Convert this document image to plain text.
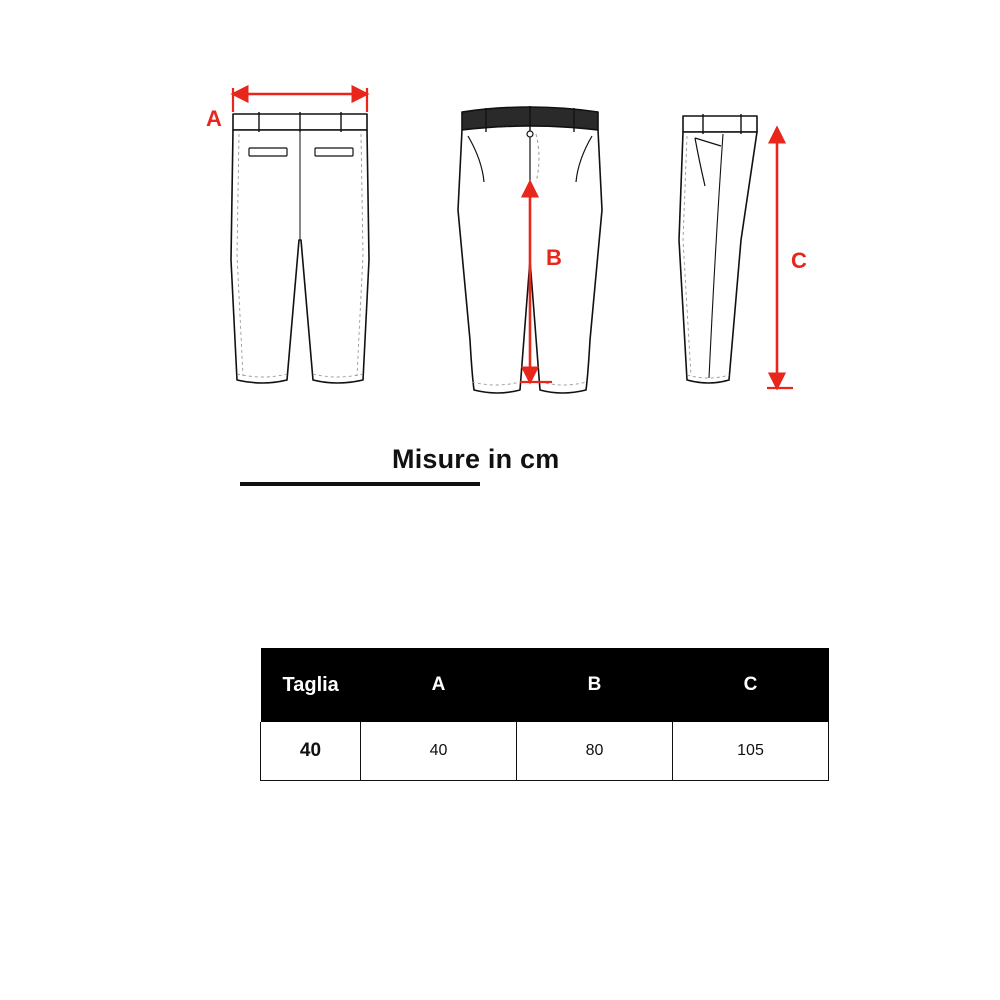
A
B	C
Misure in cm
Taglia	A	B	C
40	40	80	105
